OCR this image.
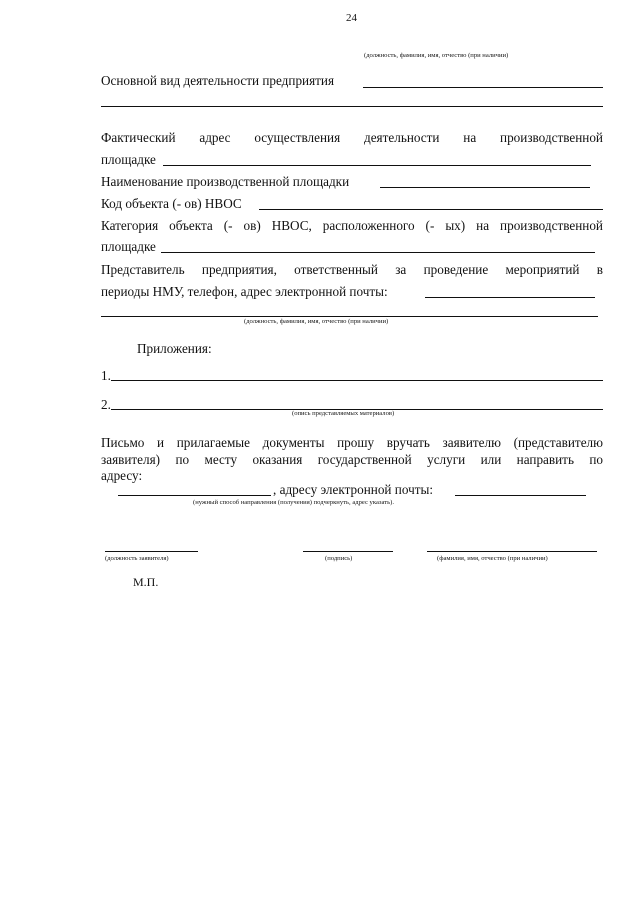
24
(должность, фамилия, имя, отчество (при наличии)
Основной вид деятельности предприятия
Фактический адрес осуществления деятельности на производственной
площадке
Наименование производственной площадки
Код объекта (- ов) НВОС
Категория объекта (- ов) НВОС, расположенного (- ых) на производственной
площадке
Представитель предприятия, ответственный за проведение мероприятий в
периоды НМУ, телефон, адрес электронной почты:
(должность, фамилия, имя, отчество (при наличии)
Приложения:
1.
2.
(опись представляемых материалов)
Письмо и прилагаемые документы прошу вручать заявителю (представителю
заявителя) по месту оказания государственной услуги или направить по
адресу:
, адресу электронной почты:
(нужный способ направления (получения) подчеркнуть, адрес указать).
(должность заявителя)	(подпись)	(фамилия, имя, отчество (при наличии)
М.П.
